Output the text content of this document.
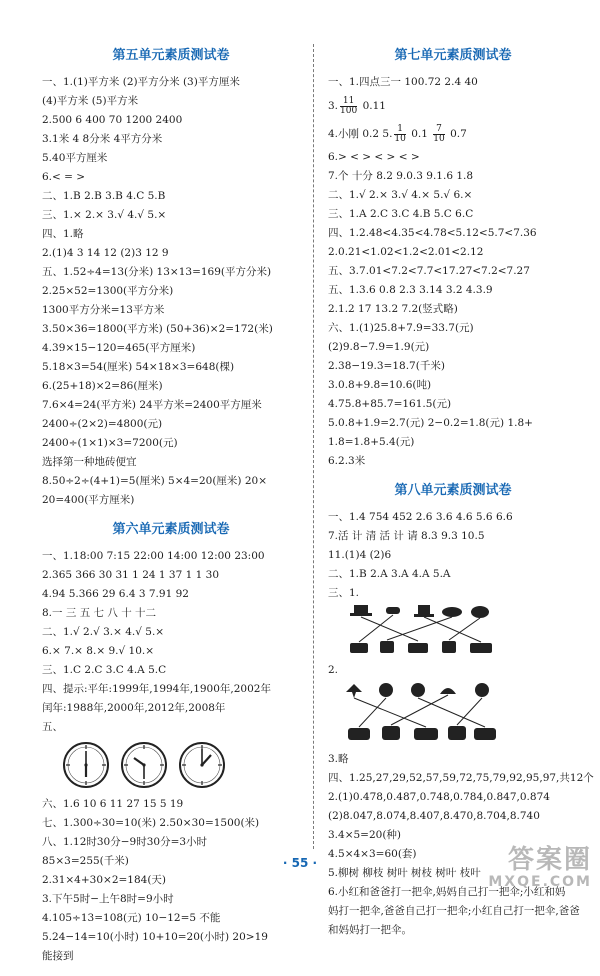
第五单元素质测试卷
一、1.(1)平方米 (2)平方分米 (3)平方厘米
(4)平方米 (5)平方米
2.500 6 400 70 1200 2400
3.1米 4 8分米 4平方分米
5.40平方厘米
6.< = >
二、1.B 2.B 3.B 4.C 5.B
三、1.× 2.× 3.√ 4.√ 5.×
四、1.略
2.(1)4 3 14 12 (2)3 12 9
五、1.52÷4=13(分米) 13×13=169(平方分米)
2.25×52=1300(平方分米)
1300平方分米=13平方米
3.50×36=1800(平方米) (50+36)×2=172(米)
4.39×15−120=465(平方厘米)
5.18×3=54(厘米) 54×18×3=648(棵)
6.(25+18)×2=86(厘米)
7.6×4=24(平方米) 24平方米=2400平方厘米
2400÷(2×2)=4800(元)
2400÷(1×1)×3=7200(元)
选择第一种地砖便宜
8.50÷2÷(4+1)=5(厘米) 5×4=20(厘米) 20×
20=400(平方厘米)
第六单元素质测试卷
一、1.18:00 7:15 22:00 14:00 12:00 23:00
2.365 366 30 31 1 24 1 37 1 1 30
4.94 5.366 29 6.4 3 7.91 92
8.一 三 五 七 八 十 十二
二、1.√ 2.√ 3.× 4.√ 5.×
6.× 7.× 8.× 9.√ 10.×
三、1.C 2.C 3.C 4.A 5.C
四、提示:平年:1999年,1994年,1900年,2002年
闰年:1988年,2000年,2012年,2008年
五、
六、1.6 10 6 11 27 15 5 19
七、1.300÷30=10(米) 2.50×30=1500(米)
八、1.12时30分−9时30分=3小时
85×3=255(千米)
2.31×4+30×2=184(天)
3.下午5时−上午8时=9小时
4.105÷13=108(元) 10−12=5 不能
5.24−14=10(小时) 10+10=20(小时) 20>19
能接到
第七单元素质测试卷
一、1.四点三一 100.72 2.4 40
3. $\frac{11}{100} 0.11$
4.小刚 0.2 5. $\frac{1}{10} 0.1 \frac{7}{10} 0.7$
6.> < > < > < >
7.个 十分 8.2 9.0.3 9.1.6 1.8
二、1.√ 2.× 3.√ 4.× 5.√ 6.×
三、1.A 2.C 3.C 4.B 5.C 6.C
四、1.2.48<4.35<4.78<5.12<5.7<7.36
2.0.21<1.02<1.2<2.01<2.12
五、3.7.01<7.2<7.7<17.27<7.2<7.27
五、1.3.6 0.8 2.3 3.14 3.2 4.3.9
2.1.2 17 13.2 7.2(竖式略)
六、1.(1)25.8+7.9=33.7(元)
(2)9.8−7.9=1.9(元)
2.38−19.3=18.7(千米)
3.0.8+9.8=10.6(吨)
4.75.8+85.7=161.5(元)
5.0.8+1.9=2.7(元) 2−0.2=1.8(元) 1.8+
1.8=1.8+5.4(元)
6.2.3米
第八单元素质测试卷
一、1.4 754 452 2.6 3.6 4.6 5.6 6.6
7.活 计 清 活 计 请 8.3 9.3 10.5
11.(1)4 (2)6
二、1.B 2.A 3.A 4.A 5.A
三、1.
2.
3.略
四、1.25,27,29,52,57,59,72,75,79,92,95,97,共12个
2.(1)0.478,0.487,0.748,0.784,0.847,0.874
(2)8.047,8.074,8.407,8.470,8.704,8.740
3.4×5=20(种)
4.5×4×3=60(套)
5.柳树 柳枝 树叶 树枝 树叶 枝叶
6.小红和爸爸打一把伞,妈妈自己打一把伞;小红和妈
妈打一把伞,爸爸自己打一把伞;小红自己打一把伞,爸爸
和妈妈打一把伞。
· 55 ·	答案圈
MXQE.COM
